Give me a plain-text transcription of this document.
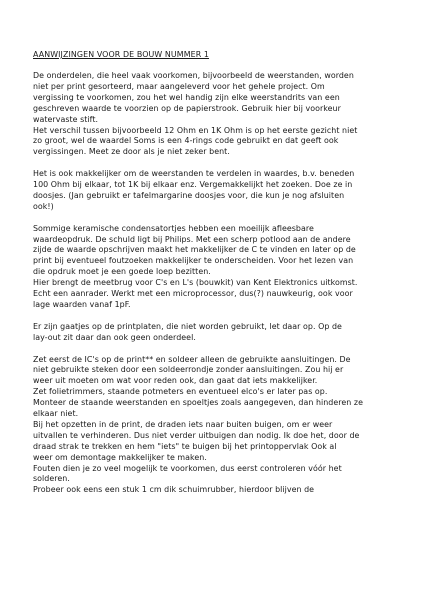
AANWIJZINGEN VOOR DE BOUW NUMMER 1
De onderdelen, die heel vaak voorkomen, bijvoorbeeld de weerstanden, worden
niet per print gesorteerd, maar aangeleverd voor het gehele project. Om
vergissing te voorkomen, zou het wel handig zijn elke weerstandrits van een
geschreven waarde te voorzien op de papierstrook. Gebruik hier bij voorkeur
watervaste stift.
Het verschil tussen bijvoorbeeld 12 Ohm en 1K Ohm is op het eerste gezicht niet
zo groot, wel de waardel Soms is een 4-rings code gebruikt en dat geeft ook
vergissingen. Meet ze door als je niet zeker bent.
Het is ook makkelijker om de weerstanden te verdelen in waardes, b.v. beneden
100 Ohm bij elkaar, tot 1K bij elkaar enz. Vergemakkelijkt het zoeken. Doe ze in
doosjes. (Jan gebruikt er tafelmargarine doosjes voor, die kun je nog afsluiten
ook!)
Sommige keramische condensatortjes hebben een moeilijk afleesbare
waardeopdruk. De schuld ligt bij Philips. Met een scherp potlood aan de andere
zijde de waarde opschrijven maakt het makkelijker de C te vinden en later op de
print bij eventueel foutzoeken makkelijker te onderscheiden. Voor het lezen van
die opdruk moet je een goede loep bezitten.
Hier brengt de meetbrug voor C's en L's (bouwkit) van Kent Elektronics uitkomst.
Echt een aanrader. Werkt met een microprocessor, dus(?) nauwkeurig, ook voor
lage waarden vanaf 1pF.
Er zijn gaatjes op de printplaten, die niet worden gebruikt, let daar op. Op de
lay-out zit daar dan ook geen onderdeel.
Zet eerst de IC's op de print** en soldeer alleen de gebruikte aansluitingen. De
niet gebruikte steken door een soldeerrondje zonder aansluitingen. Zou hij er
weer uit moeten om wat voor reden ook, dan gaat dat iets makkelijker.
Zet folietrimmers, staande potmeters en eventueel elco's er later pas op.
Monteer de staande weerstanden en spoeltjes zoals aangegeven, dan hinderen ze
elkaar niet.
Bij het opzetten in de print, de draden iets naar buiten buigen, om er weer
uitvallen te verhinderen. Dus niet verder uitbuigen dan nodig. Ik doe het, door de
draad strak te trekken en hem "iets" te buigen bij het printoppervlak Ook al
weer om demontage makkelijker te maken.
Fouten dien je zo veel mogelijk te voorkomen, dus eerst controleren vóór het
solderen.
Probeer ook eens een stuk 1 cm dik schuimrubber, hierdoor blijven de
